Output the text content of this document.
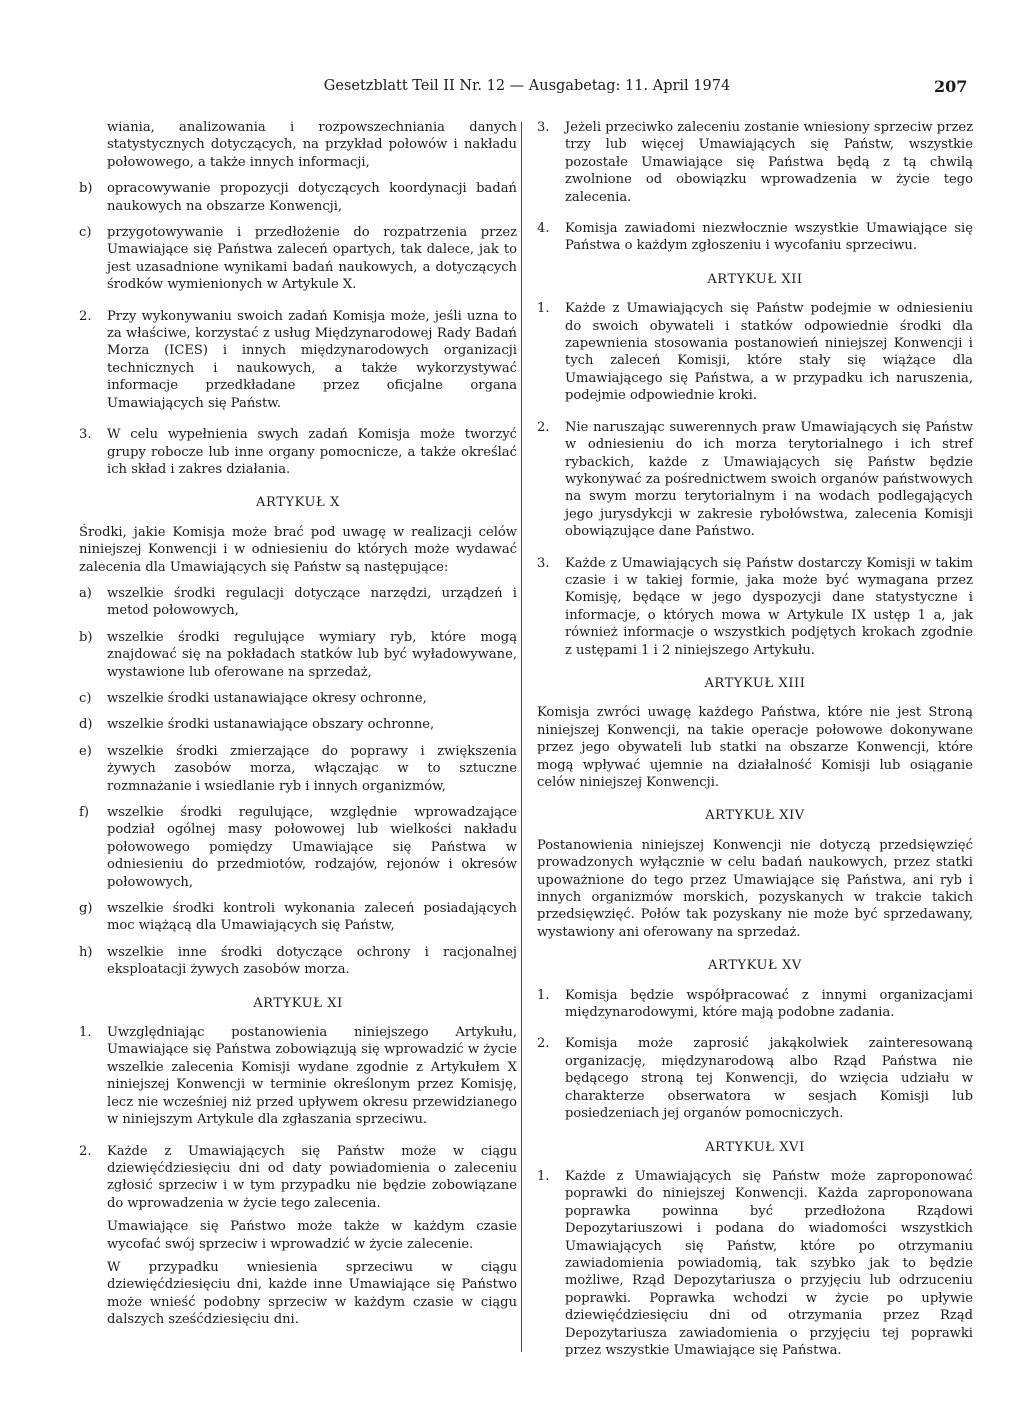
Gesetzblatt Teil II Nr. 12 — Ausgabetag: 11. April 1974	207
wiania, analizowania i rozpowszechniania danych statystycznych dotyczących, na przykład połowów i nakładu połowowego, a także innych informacji,
b)	opracowywanie propozycji dotyczących koordynacji badań naukowych na obszarze Konwencji,
c)	przygotowywanie i przedłożenie do rozpatrzenia przez Umawiające się Państwa zaleceń opartych, tak dalece, jak to jest uzasadnione wynikami badań naukowych, a dotyczących środków wymienionych w Artykule X.
2.	Przy wykonywaniu swoich zadań Komisja może, jeśli uzna to za właściwe, korzystać z usług Międzynarodowej Rady Badań Morza (ICES) i innych międzynarodowych organizacji technicznych i naukowych, a także wykorzystywać informacje przedkładane przez oficjalne organa Umawiających się Państw.
3.	W celu wypełnienia swych zadań Komisja może tworzyć grupy robocze lub inne organy pomocnicze, a także określać ich skład i zakres działania.
ARTYKUŁ X
Środki, jakie Komisja może brać pod uwagę w realizacji celów niniejszej Konwencji i w odniesieniu do których może wydawać zalecenia dla Umawiających się Państw są następujące:
a)	wszelkie środki regulacji dotyczące narzędzi, urządzeń i metod połowowych,
b)	wszelkie środki regulujące wymiary ryb, które mogą znajdować się na pokładach statków lub być wyładowywane, wystawione lub oferowane na sprzedaż,
c)	wszelkie środki ustanawiające okresy ochronne,
d)	wszelkie środki ustanawiające obszary ochronne,
e)	wszelkie środki zmierzające do poprawy i zwiększenia żywych zasobów morza, włączając w to sztuczne rozmnażanie i wsiedlanie ryb i innych organizmów,
f)	wszelkie środki regulujące, względnie wprowadzające podział ogólnej masy połowowej lub wielkości nakładu połowowego pomiędzy Umawiające się Państwa w odniesieniu do przedmiotów, rodzajów, rejonów i okresów połowowych,
g)	wszelkie środki kontroli wykonania zaleceń posiadających moc wiążącą dla Umawiających się Państw,
h)	wszelkie inne środki dotyczące ochrony i racjonalnej eksploatacji żywych zasobów morza.
ARTYKUŁ XI
1.	Uwzględniając postanowienia niniejszego Artykułu, Umawiające się Państwa zobowiązują się wprowadzić w życie wszelkie zalecenia Komisji wydane zgodnie z Artykułem X niniejszej Konwencji w terminie określonym przez Komisję, lecz nie wcześniej niż przed upływem okresu przewidzianego w niniejszym Artykule dla zgłaszania sprzeciwu.
2.	Każde z Umawiających się Państw może w ciągu dziewięćdziesięciu dni od daty powiadomienia o zaleceniu zgłosić sprzeciw i w tym przypadku nie będzie zobowiązane do wprowadzenia w życie tego zalecenia.
Umawiające się Państwo może także w każdym czasie wycofać swój sprzeciw i wprowadzić w życie zalecenie.
W przypadku wniesienia sprzeciwu w ciągu dziewięćdziesięciu dni, każde inne Umawiające się Państwo może wnieść podobny sprzeciw w każdym czasie w ciągu dalszych sześćdziesięciu dni.
3.	Jeżeli przeciwko zaleceniu zostanie wniesiony sprzeciw przez trzy lub więcej Umawiających się Państw, wszystkie pozostałe Umawiające się Państwa będą z tą chwilą zwolnione od obowiązku wprowadzenia w życie tego zalecenia.
4.	Komisja zawiadomi niezwłocznie wszystkie Umawiające się Państwa o każdym zgłoszeniu i wycofaniu sprzeciwu.
ARTYKUŁ XII
1.	Każde z Umawiających się Państw podejmie w odniesieniu do swoich obywateli i statków odpowiednie środki dla zapewnienia stosowania postanowień niniejszej Konwencji i tych zaleceń Komisji, które stały się wiążące dla Umawiającego się Państwa, a w przypadku ich naruszenia, podejmie odpowiednie kroki.
2.	Nie naruszając suwerennych praw Umawiających się Państw w odniesieniu do ich morza terytorialnego i ich stref rybackich, każde z Umawiających się Państw będzie wykonywać za pośrednictwem swoich organów państwowych na swym morzu terytorialnym i na wodach podlegających jego jurysdykcji w zakresie rybołówstwa, zalecenia Komisji obowiązujące dane Państwo.
3.	Każde z Umawiających się Państw dostarczy Komisji w takim czasie i w takiej formie, jaka może być wymagana przez Komisję, będące w jego dyspozycji dane statystyczne i informacje, o których mowa w Artykule IX ustęp 1 a, jak również informacje o wszystkich podjętych krokach zgodnie z ustępami 1 i 2 niniejszego Artykułu.
ARTYKUŁ XIII
Komisja zwróci uwagę każdego Państwa, które nie jest Stroną niniejszej Konwencji, na takie operacje połowowe dokonywane przez jego obywateli lub statki na obszarze Konwencji, które mogą wpływać ujemnie na działalność Komisji lub osiąganie celów niniejszej Konwencji.
ARTYKUŁ XIV
Postanowienia niniejszej Konwencji nie dotyczą przedsięwzięć prowadzonych wyłącznie w celu badań naukowych, przez statki upoważnione do tego przez Umawiające się Państwa, ani ryb i innych organizmów morskich, pozyskanych w trakcie takich przedsięwzięć. Połów tak pozyskany nie może być sprzedawany, wystawiony ani oferowany na sprzedaż.
ARTYKUŁ XV
1.	Komisja będzie współpracować z innymi organizacjami międzynarodowymi, które mają podobne zadania.
2.	Komisja może zaprosić jakąkolwiek zainteresowaną organizację, międzynarodową albo Rząd Państwa nie będącego stroną tej Konwencji, do wzięcia udziału w charakterze obserwatora w sesjach Komisji lub posiedzeniach jej organów pomocniczych.
ARTYKUŁ XVI
1.	Każde z Umawiających się Państw może zaproponować poprawki do niniejszej Konwencji. Każda zaproponowana poprawka powinna być przedłożona Rządowi Depozytariuszowi i podana do wiadomości wszystkich Umawiających się Państw, które po otrzymaniu zawiadomienia powiadomią, tak szybko jak to będzie możliwe, Rząd Depozytariusza o przyjęciu lub odrzuceniu poprawki. Poprawka wchodzi w życie po upływie dziewięćdziesięciu dni od otrzymania przez Rząd Depozytariusza zawiadomienia o przyjęciu tej poprawki przez wszystkie Umawiające się Państwa.
